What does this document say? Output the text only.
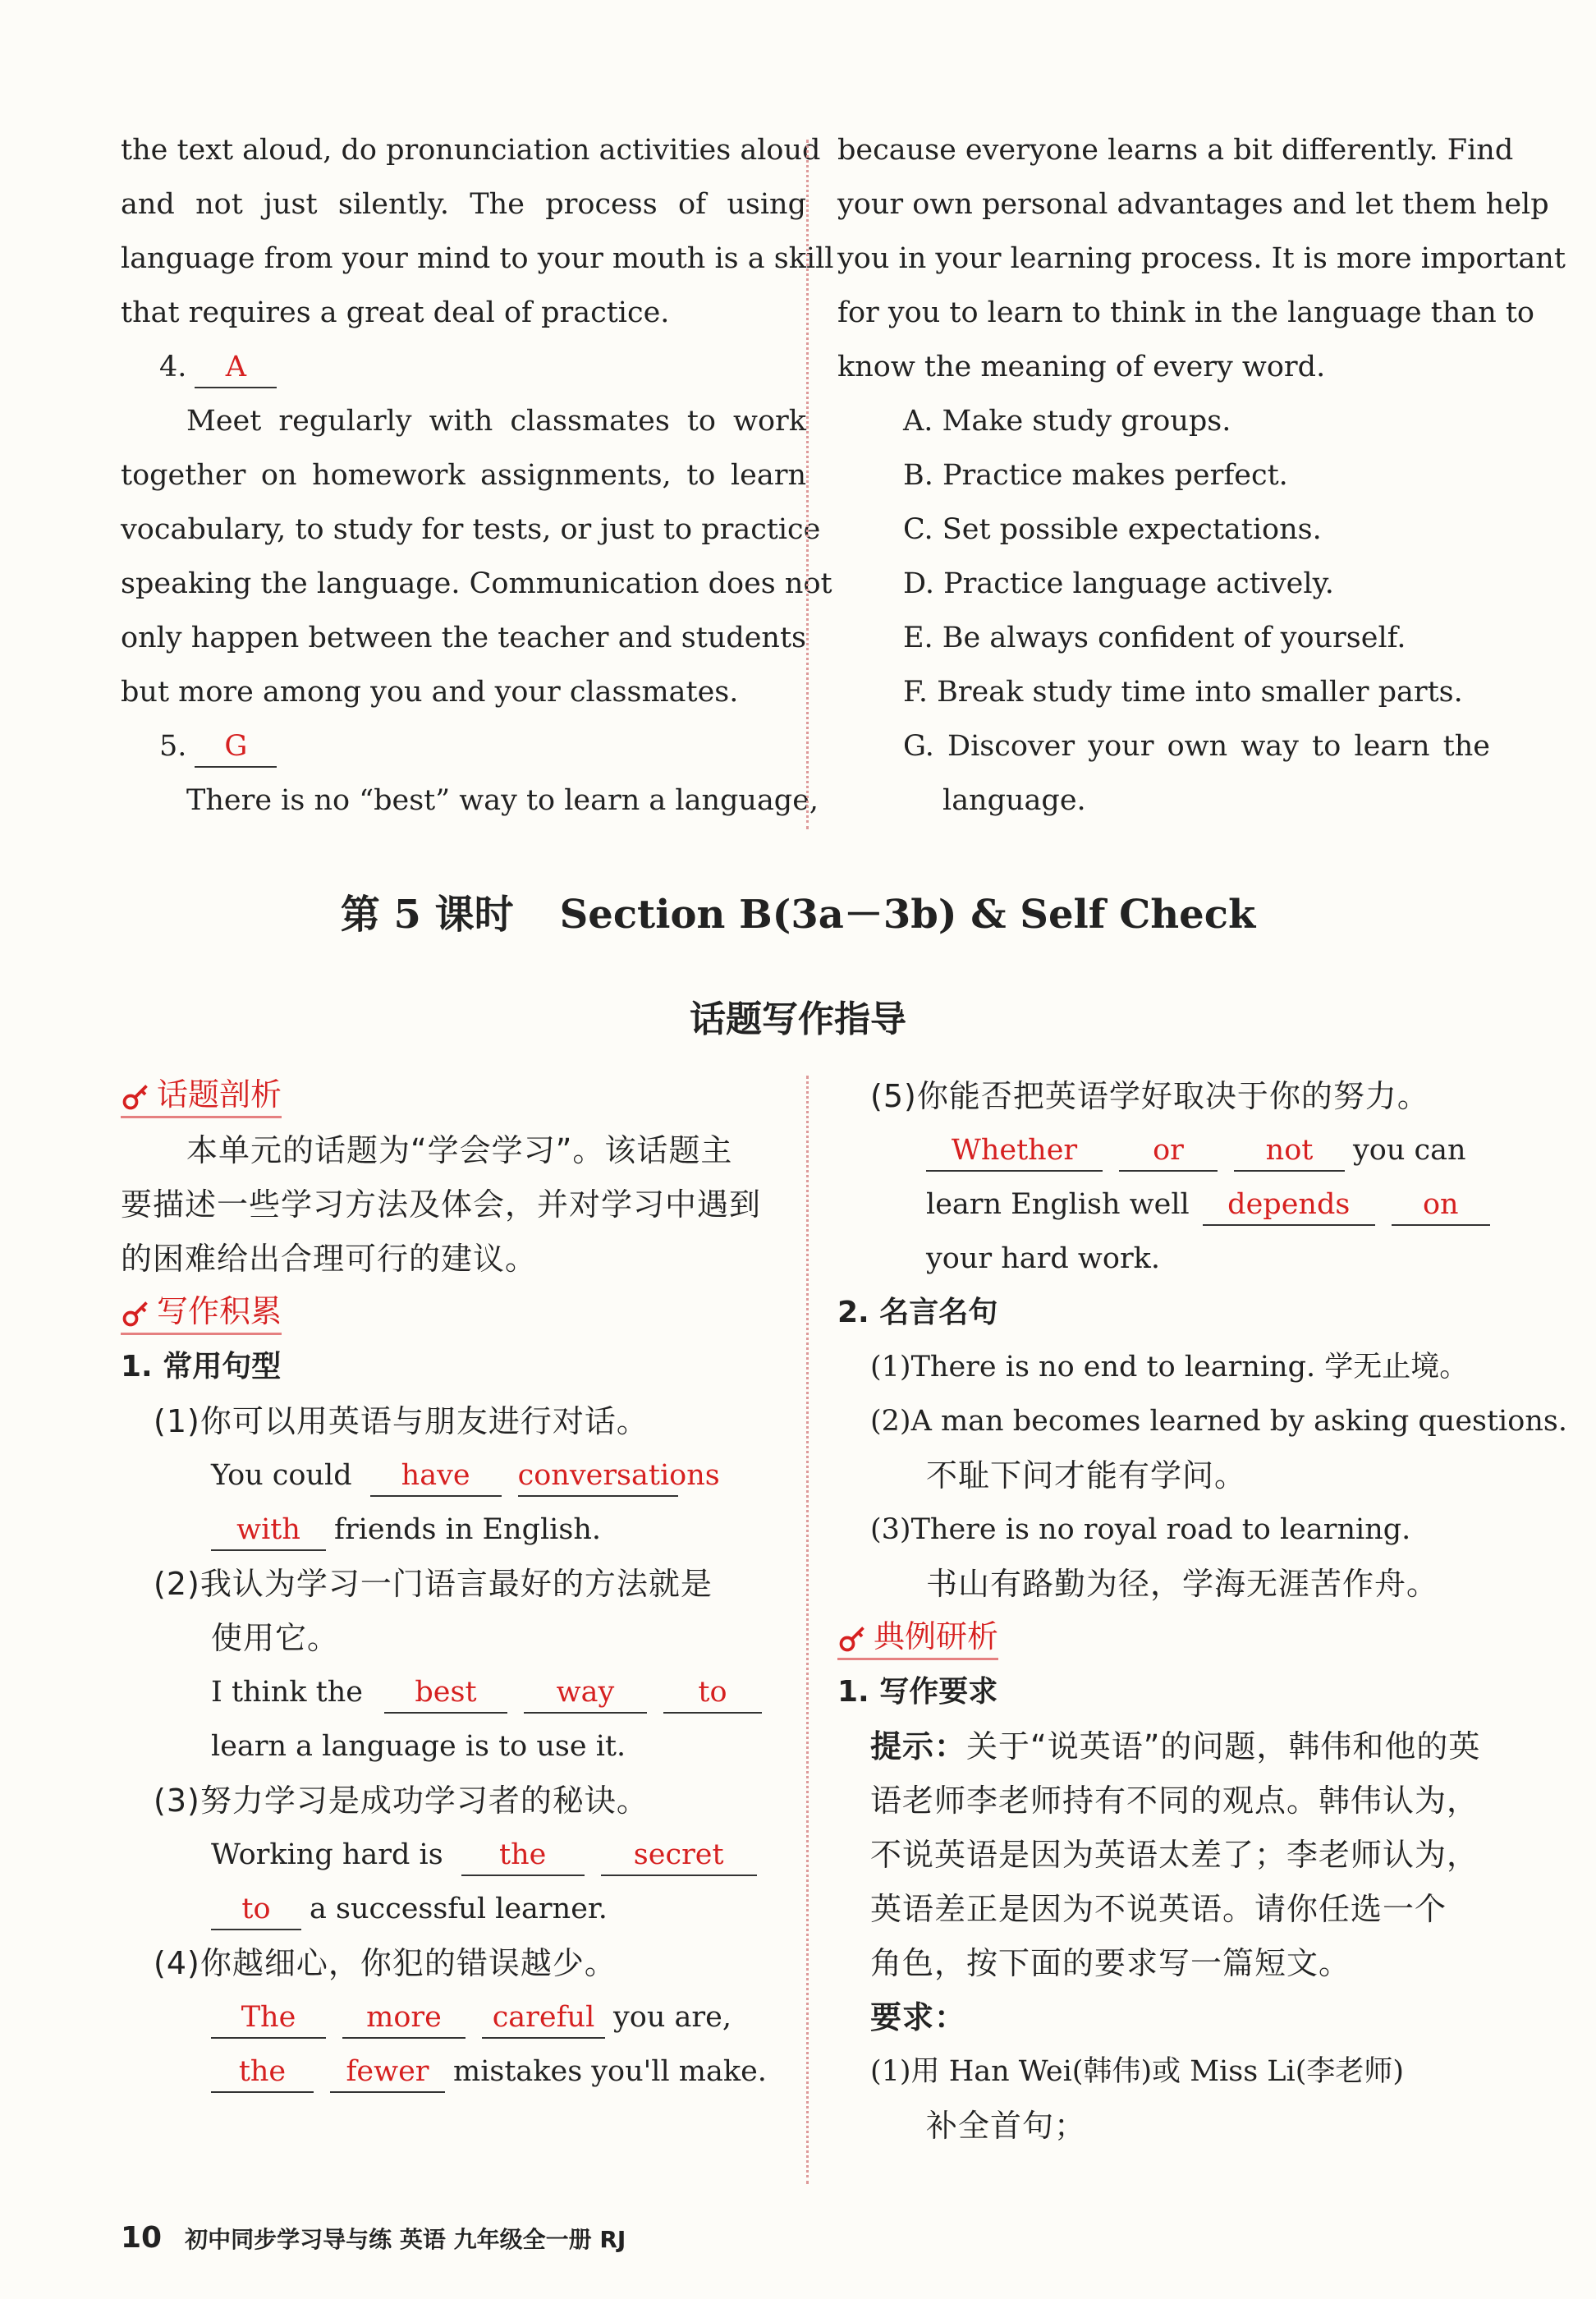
the text aloud, do pronunciation activities aloud
and not just silently. The process of using
language from your mind to your mouth is a skill
that requires a great deal of practice.
4. A
Meet regularly with classmates to work
together on homework assignments, to learn
vocabulary, to study for tests, or just to practice
speaking the language. Communication does not
only happen between the teacher and students
but more among you and your classmates.
5. G
There is no “best” way to learn a language,
because everyone learns a bit differently. Find
your own personal advantages and let them help
you in your learning process. It is more important
for you to learn to think in the language than to
know the meaning of every word.
A. Make study groups.
B. Practice makes perfect.
C. Set possible expectations.
D. Practice language actively.
E. Be always confident of yourself.
F. Break study time into smaller parts.
G. Discover your own way to learn the
language.
第 5 课时 Section B(3a－3b) & Self Check
话题写作指导
话题剖析
本单元的话题为“学会学习”。该话题主
要描述一些学习方法及体会，并对学习中遇到
的困难给出合理可行的建议。
写作积累
1. 常用句型
(1)你可以用英语与朋友进行对话。
You could have conversations
with friends in English.
(2)我认为学习一门语言最好的方法就是
使用它。
I think the best	way	to
learn a language is to use it.
(3)努力学习是成功学习者的秘诀。
Working hard is the	secret
to a successful learner.
(4)你越细心，你犯的错误越少。
The more careful you are,
the fewer mistakes you'll make.
(5)你能否把英语学好取决于你的努力。
Whether	or	not you can
learn English well depends	on
your hard work.
2. 名言名句
(1)There is no end to learning. 学无止境。
(2)A man becomes learned by asking questions.
不耻下问才能有学问。
(3)There is no royal road to learning.
书山有路勤为径，学海无涯苦作舟。
典例研析
1. 写作要求
提示：关于“说英语”的问题，韩伟和他的英
语老师李老师持有不同的观点。韩伟认为，
不说英语是因为英语太差了；李老师认为，
英语差正是因为不说英语。请你任选一个
角色，按下面的要求写一篇短文。
要求：
(1)用 Han Wei(韩伟)或 Miss Li(李老师)
补全首句；
10 初中同步学习导与练 英语 九年级全一册 RJ
